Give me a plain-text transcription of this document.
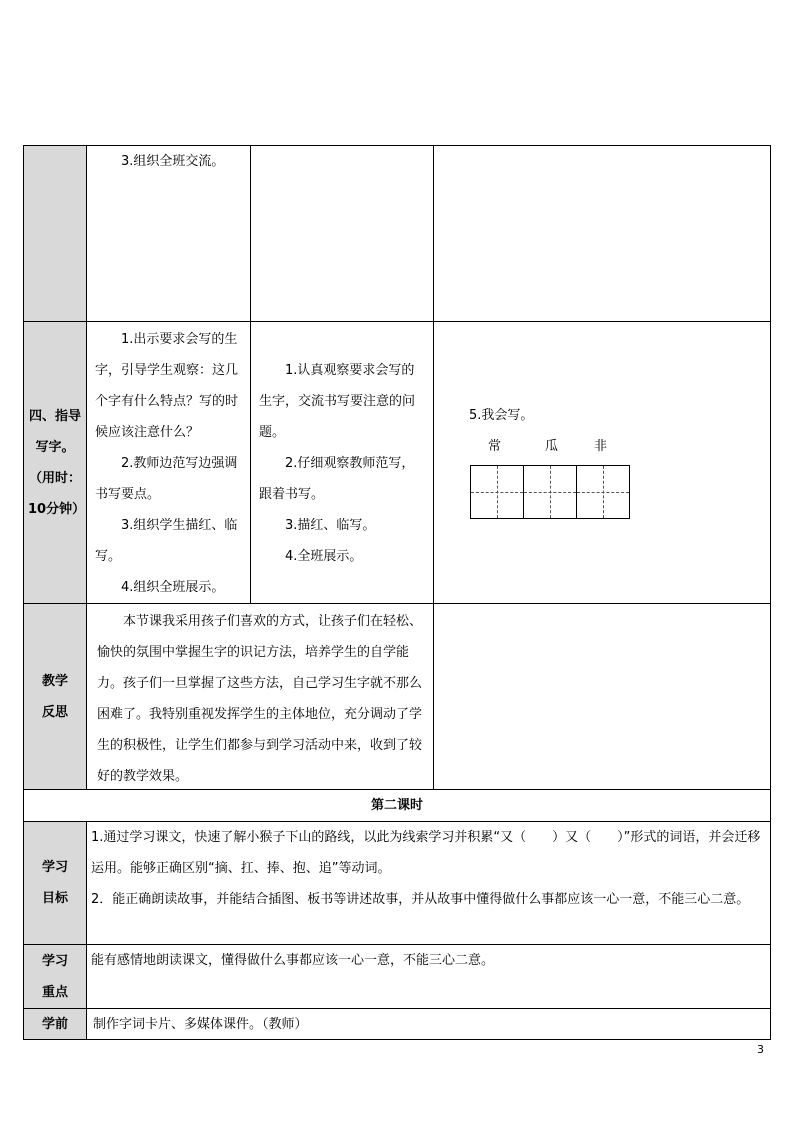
3.组织全班交流。

四、指导写字。
（用时：10分钟）

1.出示要求会写的生字，引导学生观察：这几个字有什么特点？写的时候应该注意什么？

2.教师边范写边强调书写要点。

3.组织学生描红、临写。

4.组织全班展示。

1.认真观察要求会写的生字，交流书写要注意的问题。

2.仔细观察教师范写，跟着书写。

3.描红、临写。

4.全班展示。

5.我会写。
常	瓜	非
教学
反思

本节课我采用孩子们喜欢的方式，让孩子们在轻松、愉快的氛围中掌握生字的识记方法，培养学生的自学能力。孩子们一旦掌握了这些方法，自己学习生字就不那么困难了。我特别重视发挥学生的主体地位，充分调动了学生的积极性，让学生们都参与到学习活动中来，收到了较好的教学效果。

第二课时
学习
目标

1.通过学习课文，快速了解小猴子下山的路线，以此为线索学习并积累“又（　　）又（　　）”形式的词语，并会迁移运用。能够正确区别“摘、扛、捧、抱、追”等动词。

2．能正确朗读故事，并能结合插图、板书等讲述故事，并从故事中懂得做什么事都应该一心一意，不能三心二意。

学习
重点

能有感情地朗读课文，懂得做什么事都应该一心一意，不能三心二意。

学前 制作字词卡片、多媒体课件。（教师）

3
